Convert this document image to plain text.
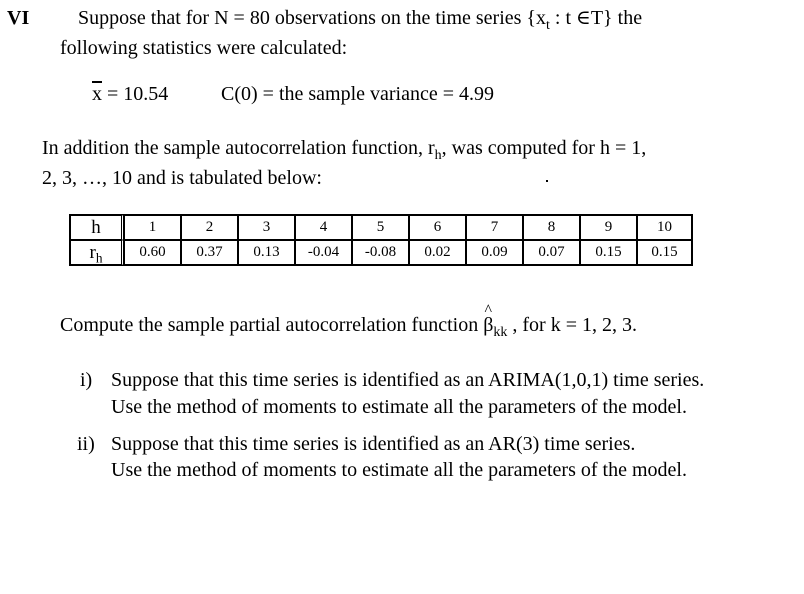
VI Suppose that for N = 80 observations on the time series {$x_t$ : t ∈T} the
following statistics were calculated:
$\overline{x} = 10.54$	C(0) = the sample variance = 4.99
In addition the sample autocorrelation function, $r_h$, was computed for h = 1,
2, 3, …, 10 and is tabulated below:
h	1	2	3	4	5	6	7	8	9	10
$r_h$	0.60	0.37	0.13	-0.04	-0.08	0.02	0.09	0.07	0.15	0.15
Compute the sample partial autocorrelation function
^
$\beta_{kk}$ , for k = 1, 2, 3.
i) Suppose that this time series is identified as an ARIMA(1,0,1) time series.
Use the method of moments to estimate all the parameters of the model.
ii) Suppose that this time series is identified as an AR(3) time series.
Use the method of moments to estimate all the parameters of the model.
